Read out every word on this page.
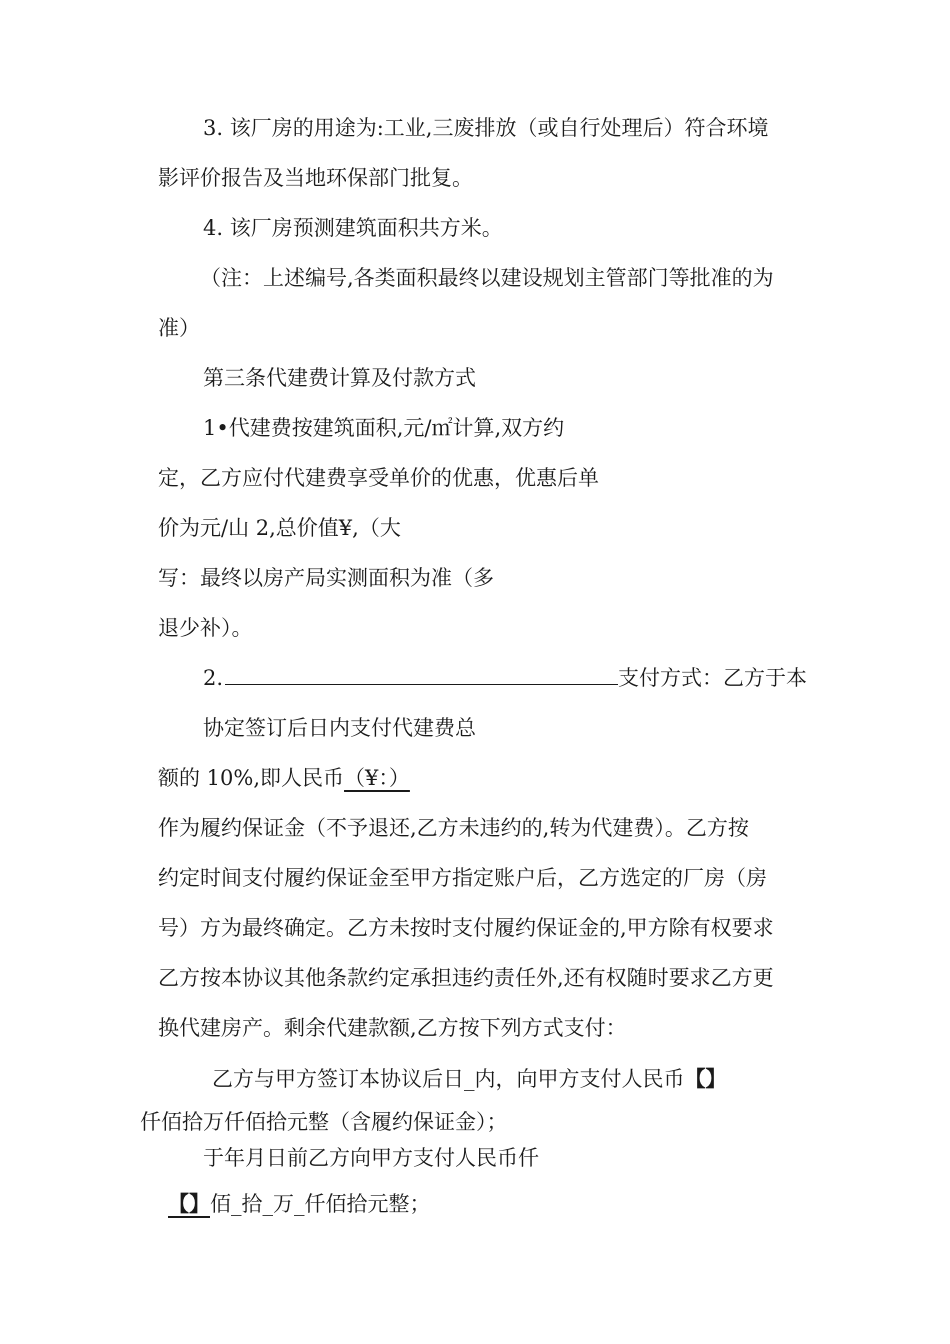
3. 该厂房的用途为:工业,三废排放（或自行处理后）符合环境
影评价报告及当地环保部门批复。
4. 该厂房预测建筑面积共方米。
（注：上述编号,各类面积最终以建设规划主管部门等批准的为
准）
第三条代建费计算及付款方式
1•代建费按建筑面积,元/㎡计算,双方约
定，乙方应付代建费享受单价的优惠，优惠后单
价为元/山 2,总价值¥,（大
写：最终以房产局实测面积为准（多
退少补）。
2.	支付方式：乙方于本
协定签订后日内支付代建费总
额的 10%,即人民币（¥：）
作为履约保证金（不予退还,乙方未违约的,转为代建费）。乙方按
约定时间支付履约保证金至甲方指定账户后，乙方选定的厂房（房
号）方为最终确定。乙方未按时支付履约保证金的,甲方除有权要求
乙方按本协议其他条款约定承担违约责任外,还有权随时要求乙方更
换代建房产。剩余代建款额,乙方按下列方式支付：
乙方与甲方签订本协议后日_内，向甲方支付人民币【】
仟佰拾万仟佰拾元整（含履约保证金）；
于年月日前乙方向甲方支付人民币仟
【】佰_拾_万_仟佰拾元整；
